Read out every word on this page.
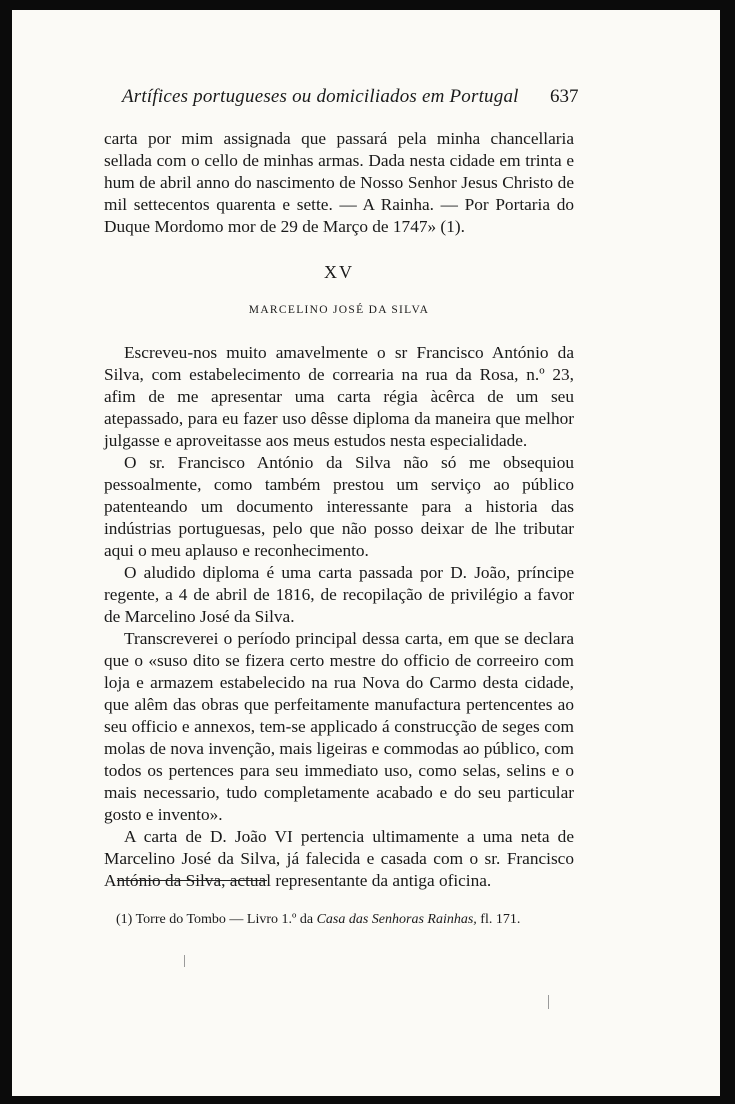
Artífices portugueses ou domiciliados em Portugal 637

carta por mim assignada que passará pela minha chancellaria sellada com o cello de minhas armas. Dada nesta cidade em trinta e hum de abril anno do nascimento de Nosso Senhor Jesus Christo de mil settecentos quarenta e sette. — A Rainha. — Por Portaria do Duque Mordomo mor de 29 de Março de 1747» (1).

XV
MARCELINO JOSÉ DA SILVA

Escreveu-nos muito amavelmente o sr Francisco António da Silva, com estabelecimento de correaria na rua da Rosa, n.º 23, afim de me apresentar uma carta régia àcêrca de um seu atepassado, para eu fazer uso dêsse diploma da maneira que melhor julgasse e aproveitasse aos meus estudos nesta especialidade.

O sr. Francisco António da Silva não só me obsequiou pessoalmente, como também prestou um serviço ao público patenteando um documento interessante para a historia das indústrias portuguesas, pelo que não posso deixar de lhe tributar aqui o meu aplauso e reconhecimento.

O aludido diploma é uma carta passada por D. João, príncipe regente, a 4 de abril de 1816, de recopilação de privilégio a favor de Marcelino José da Silva.

Transcreverei o período principal dessa carta, em que se declara que o «suso dito se fizera certo mestre do officio de correeiro com loja e armazem estabelecido na rua Nova do Carmo desta cidade, que alêm das obras que perfeitamente manufactura pertencentes ao seu officio e annexos, tem-se applicado á construcção de seges com molas de nova invenção, mais ligeiras e commodas ao público, com todos os pertences para seu immediato uso, como selas, selins e o mais necessario, tudo completamente acabado e do seu particular gosto e invento».

A carta de D. João VI pertencia ultimamente a uma neta de Marcelino José da Silva, já falecida e casada com o sr. Francisco António da Silva, actual representante da antiga oficina.

(1) Torre do Tombo — Livro 1.º da Casa das Senhoras Rainhas, fl. 171.
